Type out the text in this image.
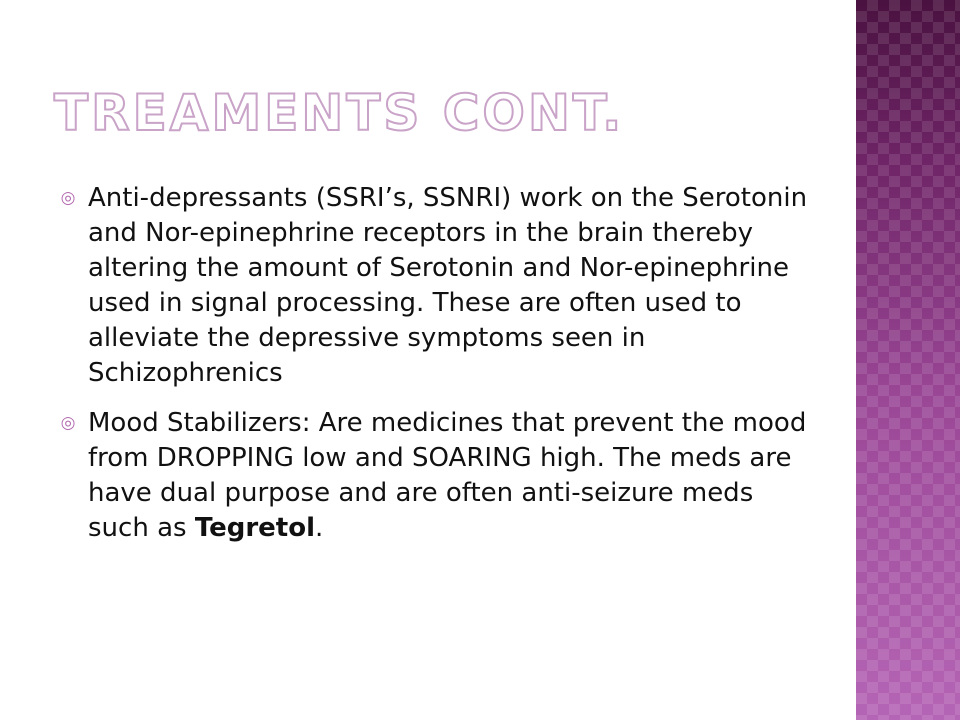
TREAMENTS CONT.
◎ Anti-depressants (SSRI’s, SSNRI) work on the Serotonin and Nor-epinephrine receptors in the brain thereby altering the amount of Serotonin and Nor-epinephrine used in signal processing. These are often used to alleviate the depressive symptoms seen in Schizophrenics
◎ Mood Stabilizers: Are medicines that prevent the mood from DROPPING low and SOARING high. The meds are have dual purpose and are often anti-seizure meds such as Tegretol.
